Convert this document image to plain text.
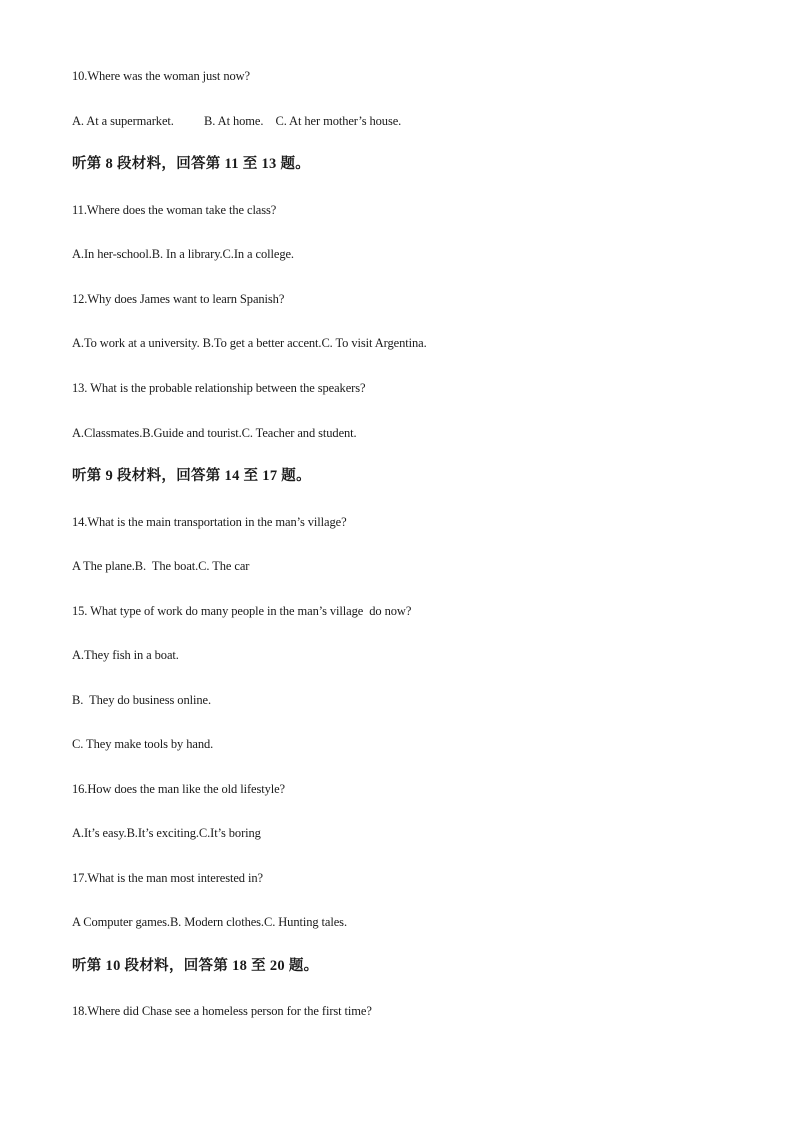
10.Where was the woman just now?
A. At a supermarket.          B. At home.    C. At her mother’s house.
听第 8 段材料，回答第 11 至 13 题。
11.Where does the woman take the class?
A.In her-school.B. In a library.C.In a college.
12.Why does James want to learn Spanish?
A.To work at a university. B.To get a better accent.C. To visit Argentina.
13. What is the probable relationship between the speakers?
A.Classmates.B.Guide and tourist.C. Teacher and student.
听第 9 段材料，回答第 14 至 17 题。
14.What is the main transportation in the man’s village?
A The plane.B.  The boat.C. The car
15. What type of work do many people in the man’s village  do now?
A.They fish in a boat.
B.  They do business online.
C. They make tools by hand.
16.How does the man like the old lifestyle?
A.It’s easy.B.It’s exciting.C.It’s boring
17.What is the man most interested in?
A Computer games.B. Modern clothes.C. Hunting tales.
听第 10 段材料，回答第 18 至 20 题。
18.Where did Chase see a homeless person for the first time?
